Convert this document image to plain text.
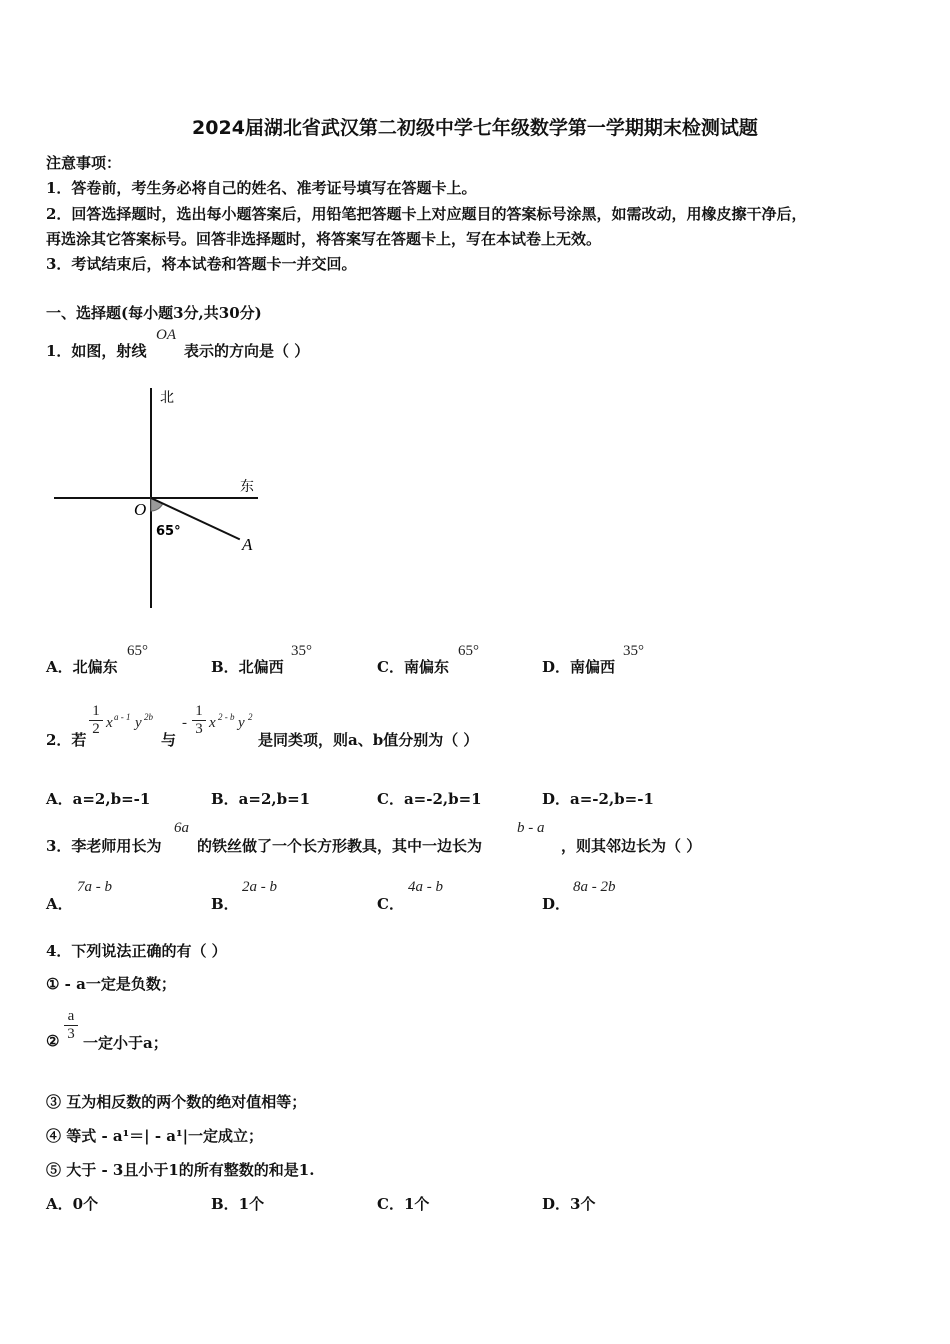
2024届湖北省武汉第二初级中学七年级数学第一学期期末检测试题
注意事项：
1．答卷前，考生务必将自己的姓名、准考证号填写在答题卡上。
2．回答选择题时，选出每小题答案后，用铅笔把答题卡上对应题目的答案标号涂黑，如需改动，用橡皮擦干净后，
再选涂其它答案标号。回答非选择题时，将答案写在答题卡上，写在本试卷上无效。
3．考试结束后，将本试卷和答题卡一并交回。
一、选择题(每小题3分,共30分)
1．如图，射线
OA
表示的方向是（ ）
北
东
O
65°
A
A．北偏东
65°
B．北偏西
35°
C．南偏东
65°
D．南偏西
35°
2．若
$\frac{1}{2}$ x a - 1 y 2b
与
- $\frac{1}{3}$ x 2 - b y 2
是同类项，则a、b值分别为（ ）
A．a=2,b=-1	B．a=2,b=1	C．a=-2,b=1	D．a=-2,b=-1
3．李老师用长为
6a
的铁丝做了一个长方形教具，其中一边长为
b - a
，则其邻边长为（ ）
A．
7a - b
B．
2a - b
C．
4a - b
D．
8a - 2b
4．下列说法正确的有（ ）
① - a一定是负数；
② $\frac{a}{3}$ 一定小于a；
③ 互为相反数的两个数的绝对值相等；
④ 等式 - a¹＝| - a¹|一定成立；
⑤ 大于 - 3且小于1的所有整数的和是1.
A．0个	B．1个	C．1个	D．3个
